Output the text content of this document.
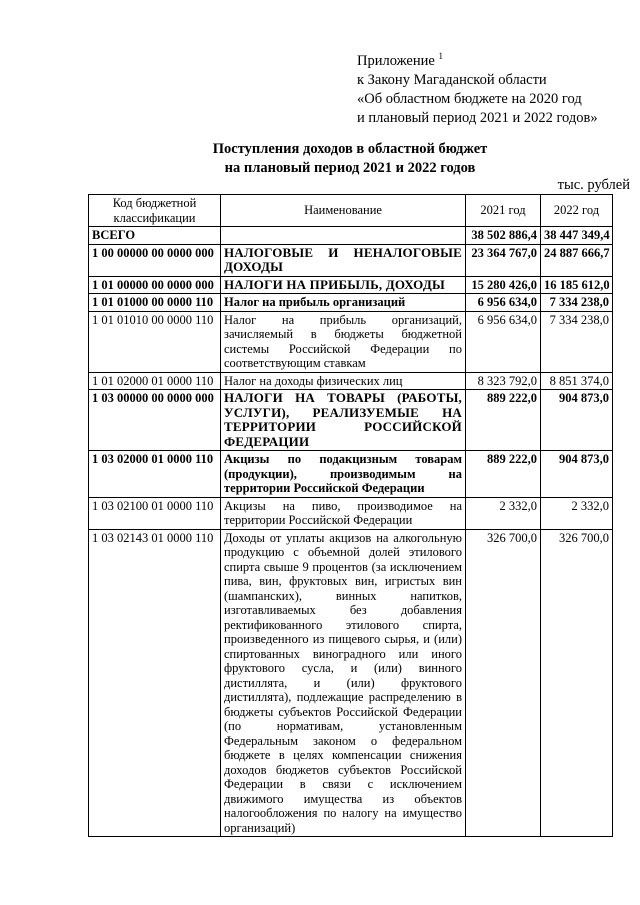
Приложение $^1$
к Закону Магаданской области
«Об областном бюджете на 2020 год
и плановый период 2021 и 2022 годов»
Поступления доходов в областной бюджет
на плановый период 2021 и 2022 годов
тыс. рублей
Код бюджетной классификации	Наименование	2021 год	2022 год
ВСЕГО		38 502 886,4	38 447 349,4
1 00 00000 00 0000 000	НАЛОГОВЫЕ И НЕНАЛОГОВЫЕ ДОХОДЫ	23 364 767,0	24 887 666,7
1 01 00000 00 0000 000	НАЛОГИ НА ПРИБЫЛЬ, ДОХОДЫ	15 280 426,0	16 185 612,0
1 01 01000 00 0000 110	Налог на прибыль организаций	6 956 634,0	7 334 238,0
1 01 01010 00 0000 110	Налог на прибыль организаций, зачисляемый в бюджеты бюджетной системы Российской Федерации по соответствующим ставкам	6 956 634,0	7 334 238,0
1 01 02000 01 0000 110	Налог на доходы физических лиц	8 323 792,0	8 851 374,0
1 03 00000 00 0000 000	НАЛОГИ НА ТОВАРЫ (РАБОТЫ, УСЛУГИ), РЕАЛИЗУЕМЫЕ НА ТЕРРИТОРИИ РОССИЙСКОЙ ФЕДЕРАЦИИ	889 222,0	904 873,0
1 03 02000 01 0000 110	Акцизы по подакцизным товарам (продукции), производимым на территории Российской Федерации	889 222,0	904 873,0
1 03 02100 01 0000 110	Акцизы на пиво, производимое на территории Российской Федерации	2 332,0	2 332,0
1 03 02143 01 0000 110	Доходы от уплаты акцизов на алкогольную продукцию с объемной долей этилового спирта свыше 9 процентов (за исключением пива, вин, фруктовых вин, игристых вин (шампанских), винных напитков, изготавливаемых без добавления ректификованного этилового спирта, произведенного из пищевого сырья, и (или) спиртованных виноградного или иного фруктового сусла, и (или) винного дистиллята, и (или) фруктового дистиллята), подлежащие распределению в бюджеты субъектов Российской Федерации (по нормативам, установленным Федеральным законом о федеральном бюджете в целях компенсации снижения доходов бюджетов субъектов Российской Федерации в связи с исключением движимого имущества из объектов налогообложения по налогу на имущество организаций)	326 700,0	326 700,0
